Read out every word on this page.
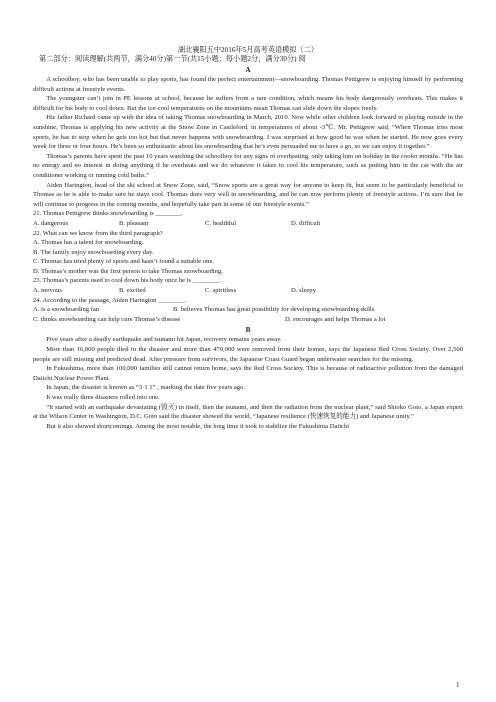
湖北襄阳五中2016年5月高考英语模拟（二）
第二部分：阅读理解(共两节，满分40分)第一节(共15小题；每小题2分，满分30分) 阅
A

A schoolboy, who has been unable to play sports, has found the perfect entertainment—snowboarding. Thomas Pettigrew is enjoying himself by performing difficult actions at freestyle events.

The youngster can’t join in PE lessons at school, because he suffers from a rare condition, which means his body dangerously overheats. This makes it difficult for his body to cool down. But the ice-cool temperatures on the mountains mean Thomas can slide down the slopes freely.

His father Richard came up with the idea of taking Thomas snowboarding in March, 2010. Now while other children look forward to playing outside in the sunshine, Thomas is applying his new activity at the Snow Zone in Castleford, in temperatures of about -3℃. Mr. Pettigrew said, “When Thomas tries most sports, he has to stop when he gets too hot but that never happens with snowboarding. I was surprised at how good he was when he started. He now goes every week for three or four hours. He’s been so enthusiastic about his snowboarding that he’s even persuaded me to have a go, so we can enjoy it together.”

Thomas’s parents have spent the past 10 years watching the schoolboy for any signs of overheating, only taking him on holiday in the cooler months. “He has no energy and no interest in doing anything if he overheats and we do whatever it takes to cool his temperature, such as putting him in the car with the air conditioner working or running cold baths.”

Aiden Harington, head of the ski school at Snow Zone, said, “Snow sports are a great way for anyone to keep fit, but seem to be particularly beneficial to Thomas as he is able to make sure he stays cool. Thomas does very well in snowboarding, and he can now perform plenty of freestyle actions. I’m sure that he will continue to progress in the coming months, and hopefully take part in some of our freestyle events.”

21. Thomas Pettigrew thinks snowboarding is ________.

A. dangerous	B. pleasant	C. healthful	D. difficult

22. What can we know from the third paragraph?

A. Thomas has a talent for snowboarding.

B. The family enjoy snowboarding every day.

C. Thomas has tried plenty of sports and hasn’t found a suitable one.

D. Thomas’s mother was the first person to take Thomas snowboarding.

23. Thomas’s parents used to cool down his body once he is ________.

A. nervous	B. excited	C. spiritless	D. sleepy

24. According to the passage, Aiden Harington ________.

A. is a snowboarding fan	B. believes Thomas has great possibility for developing snowboarding skills
C. thinks snowboarding can help cure Thomas’s disease	D. encourages and helps Thomas a lot
B

Five years after a deadly earthquake and tsunami hit Japan, recovery remains years away.

More than 16,000 people died in the disaster and more than 470,000 were removed from their homes, says the Japanese Red Cross Society. Over 2,500 people are still missing and predicted dead. After pressure from survivors, the Japanese Coast Guard began underwater searches for the missing.

In Fukushima, more than 100,000 families still cannot return home, says the Red Cross Society. This is because of radioactive pollution from the damaged Daiichi Nuclear Power Plant.

In Japan, the disaster is known as “3·1 1” , marking the date five years ago.

It was really three disasters rolled into one.

“It started with an earthquake devastating (毁灭) in itself, then the tsunami, and then the radiation from the nuclear plant,” said Shioko Goto, a Japan expert at the Wilson Center in Washington, D.C. Goto said the disaster showed the world, “Japanese resilience (快速恢复的能力) and Japanese unity.”

But it also showed shortcomings. Among the most notable, the long time it took to stabilize the Fukushima Daiichi

1
